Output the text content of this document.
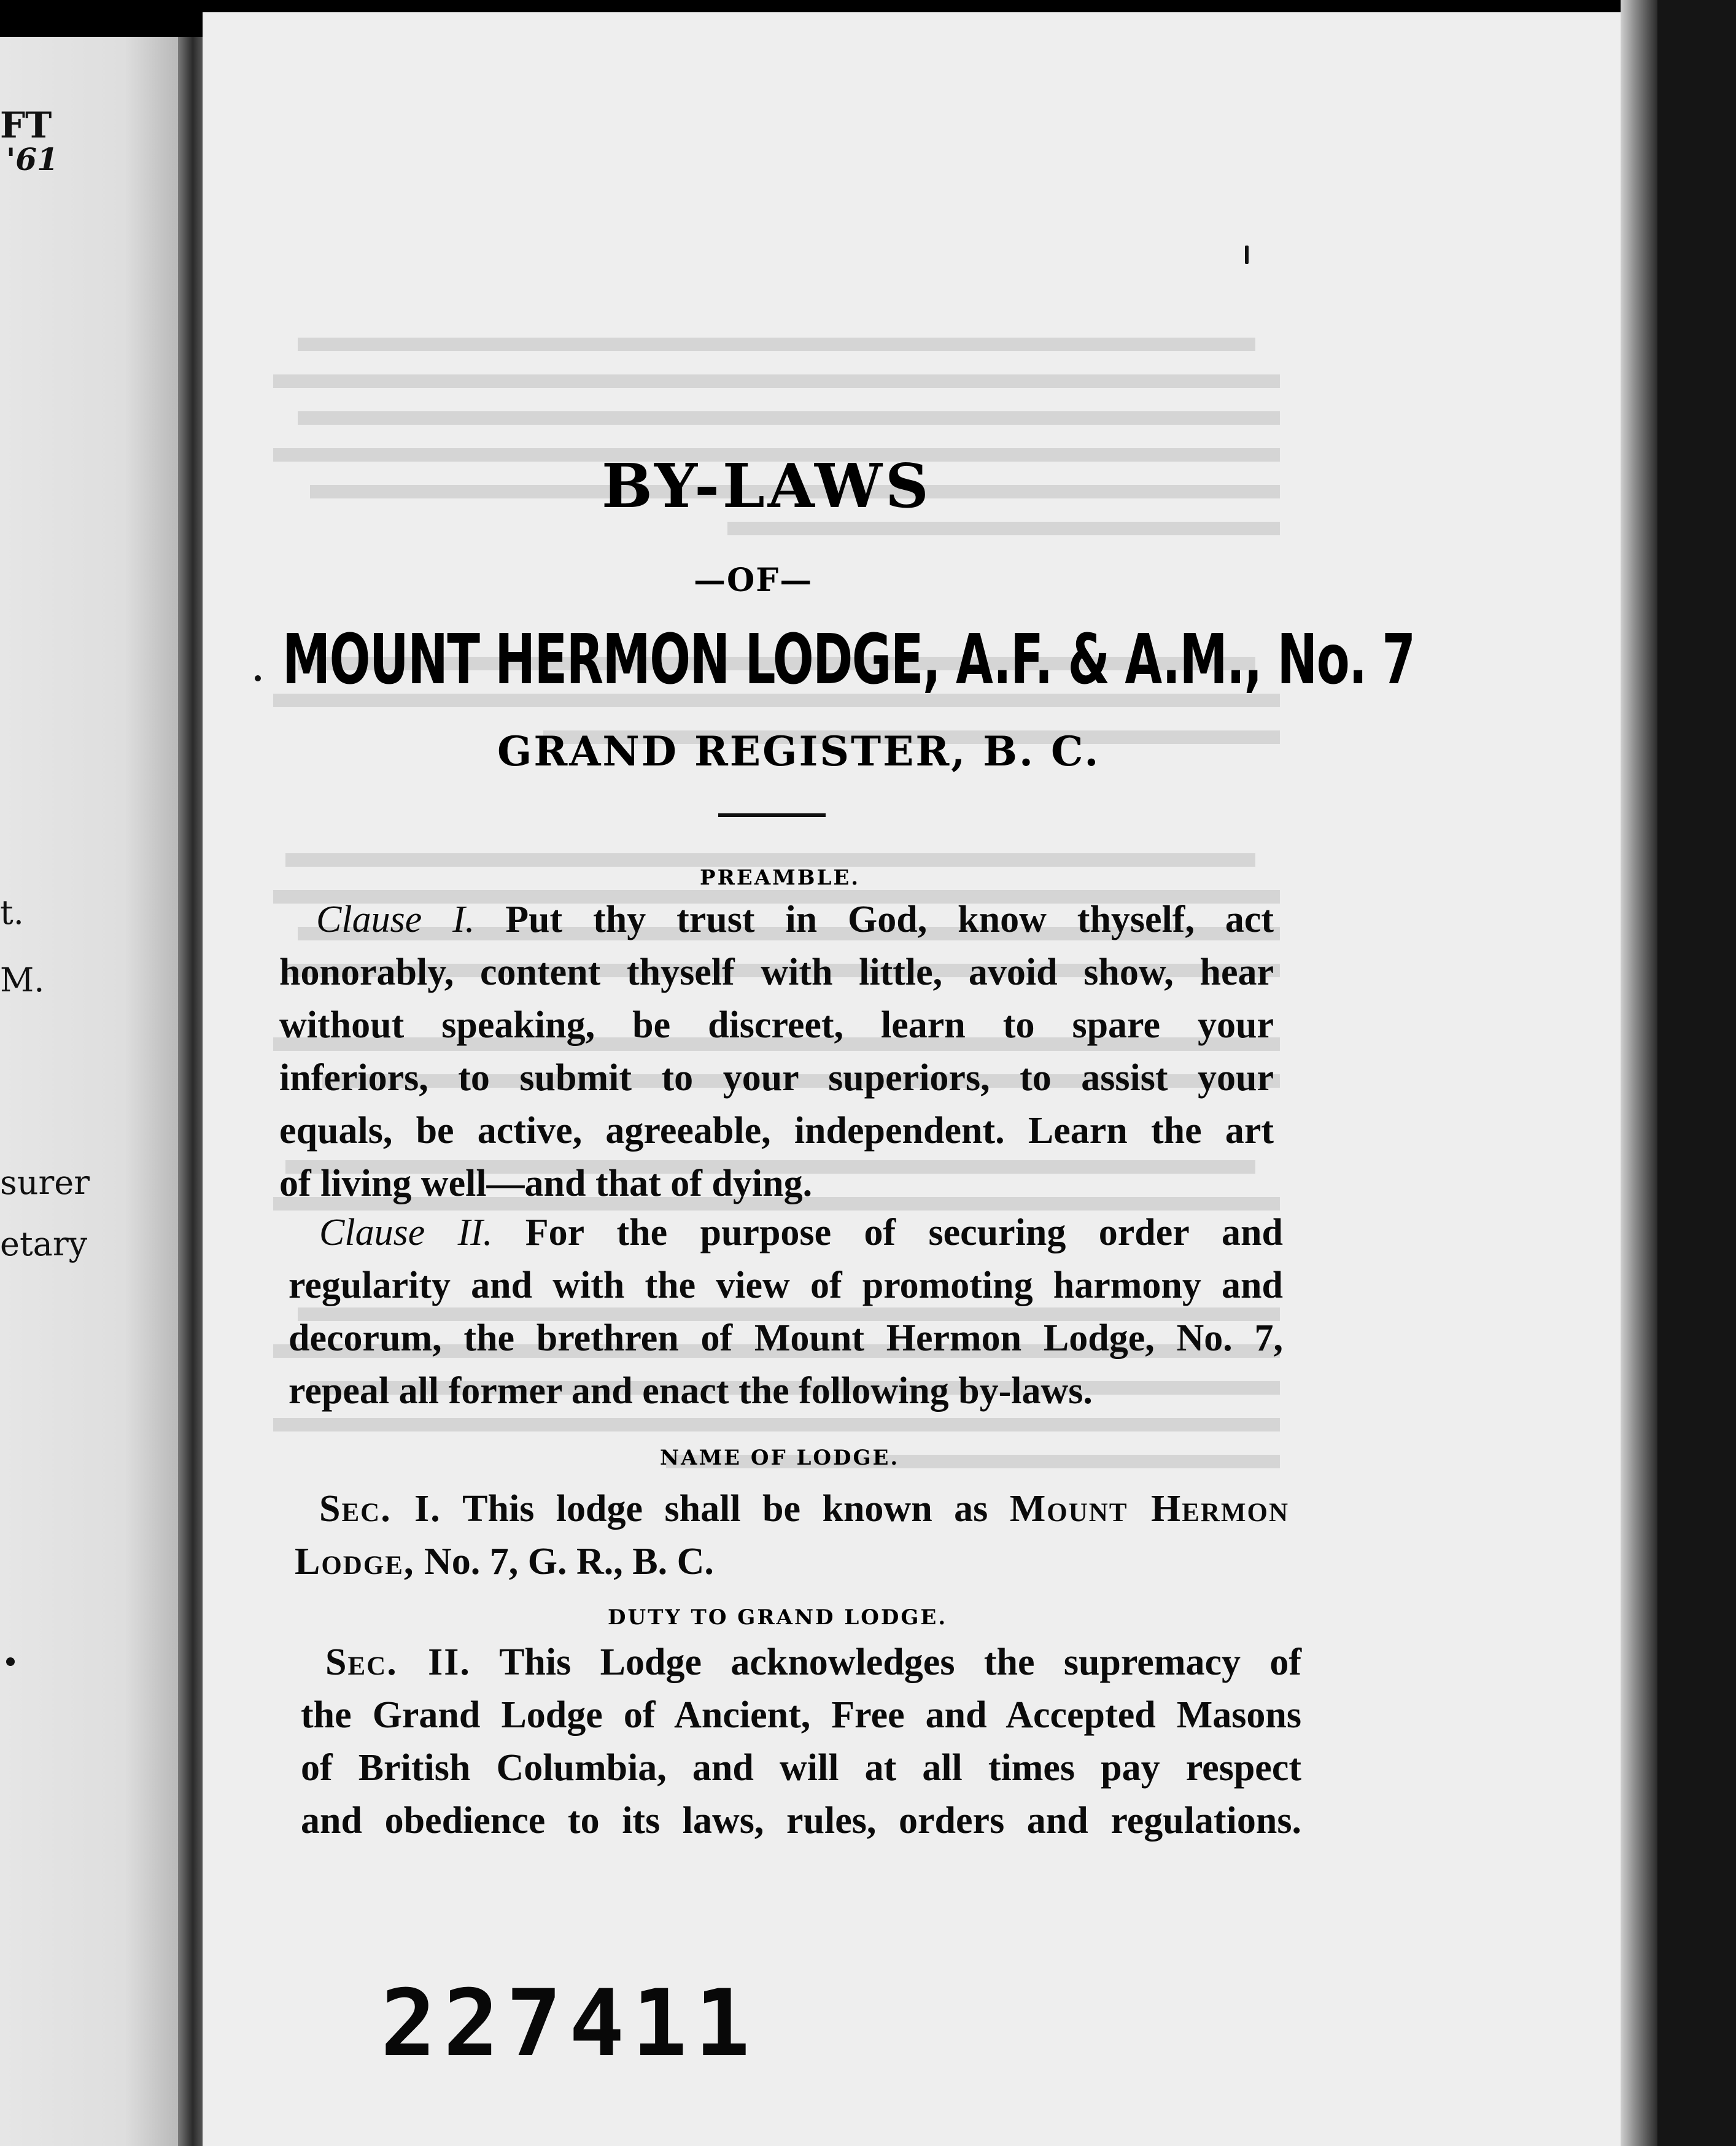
FT
'61
t.
M.
surer
etary
BY-LAWS
—OF—
MOUNT HERMON LODGE, A.F. & A.M., No. 7
GRAND REGISTER, B. C.
PREAMBLE.
Clause I. Put thy trust in God, know thyself, act
honorably, content thyself with little, avoid show, hear
without speaking, be discreet, learn to spare your
inferiors, to submit to your superiors, to assist your
equals, be active, agreeable, independent. Learn the art
of living well—and that of dying.
Clause II. For the purpose of securing order and
regularity and with the view of promoting harmony and
decorum, the brethren of Mount Hermon Lodge, No. 7,
repeal all former and enact the following by-laws.
NAME OF LODGE.
Sec. I. This lodge shall be known as Mount Hermon
Lodge, No. 7, G. R., B. C.
DUTY TO GRAND LODGE.
Sec. II. This Lodge acknowledges the supremacy of
the Grand Lodge of Ancient, Free and Accepted Masons
of British Columbia, and will at all times pay respect
and obedience to its laws, rules, orders and regulations.
227411
